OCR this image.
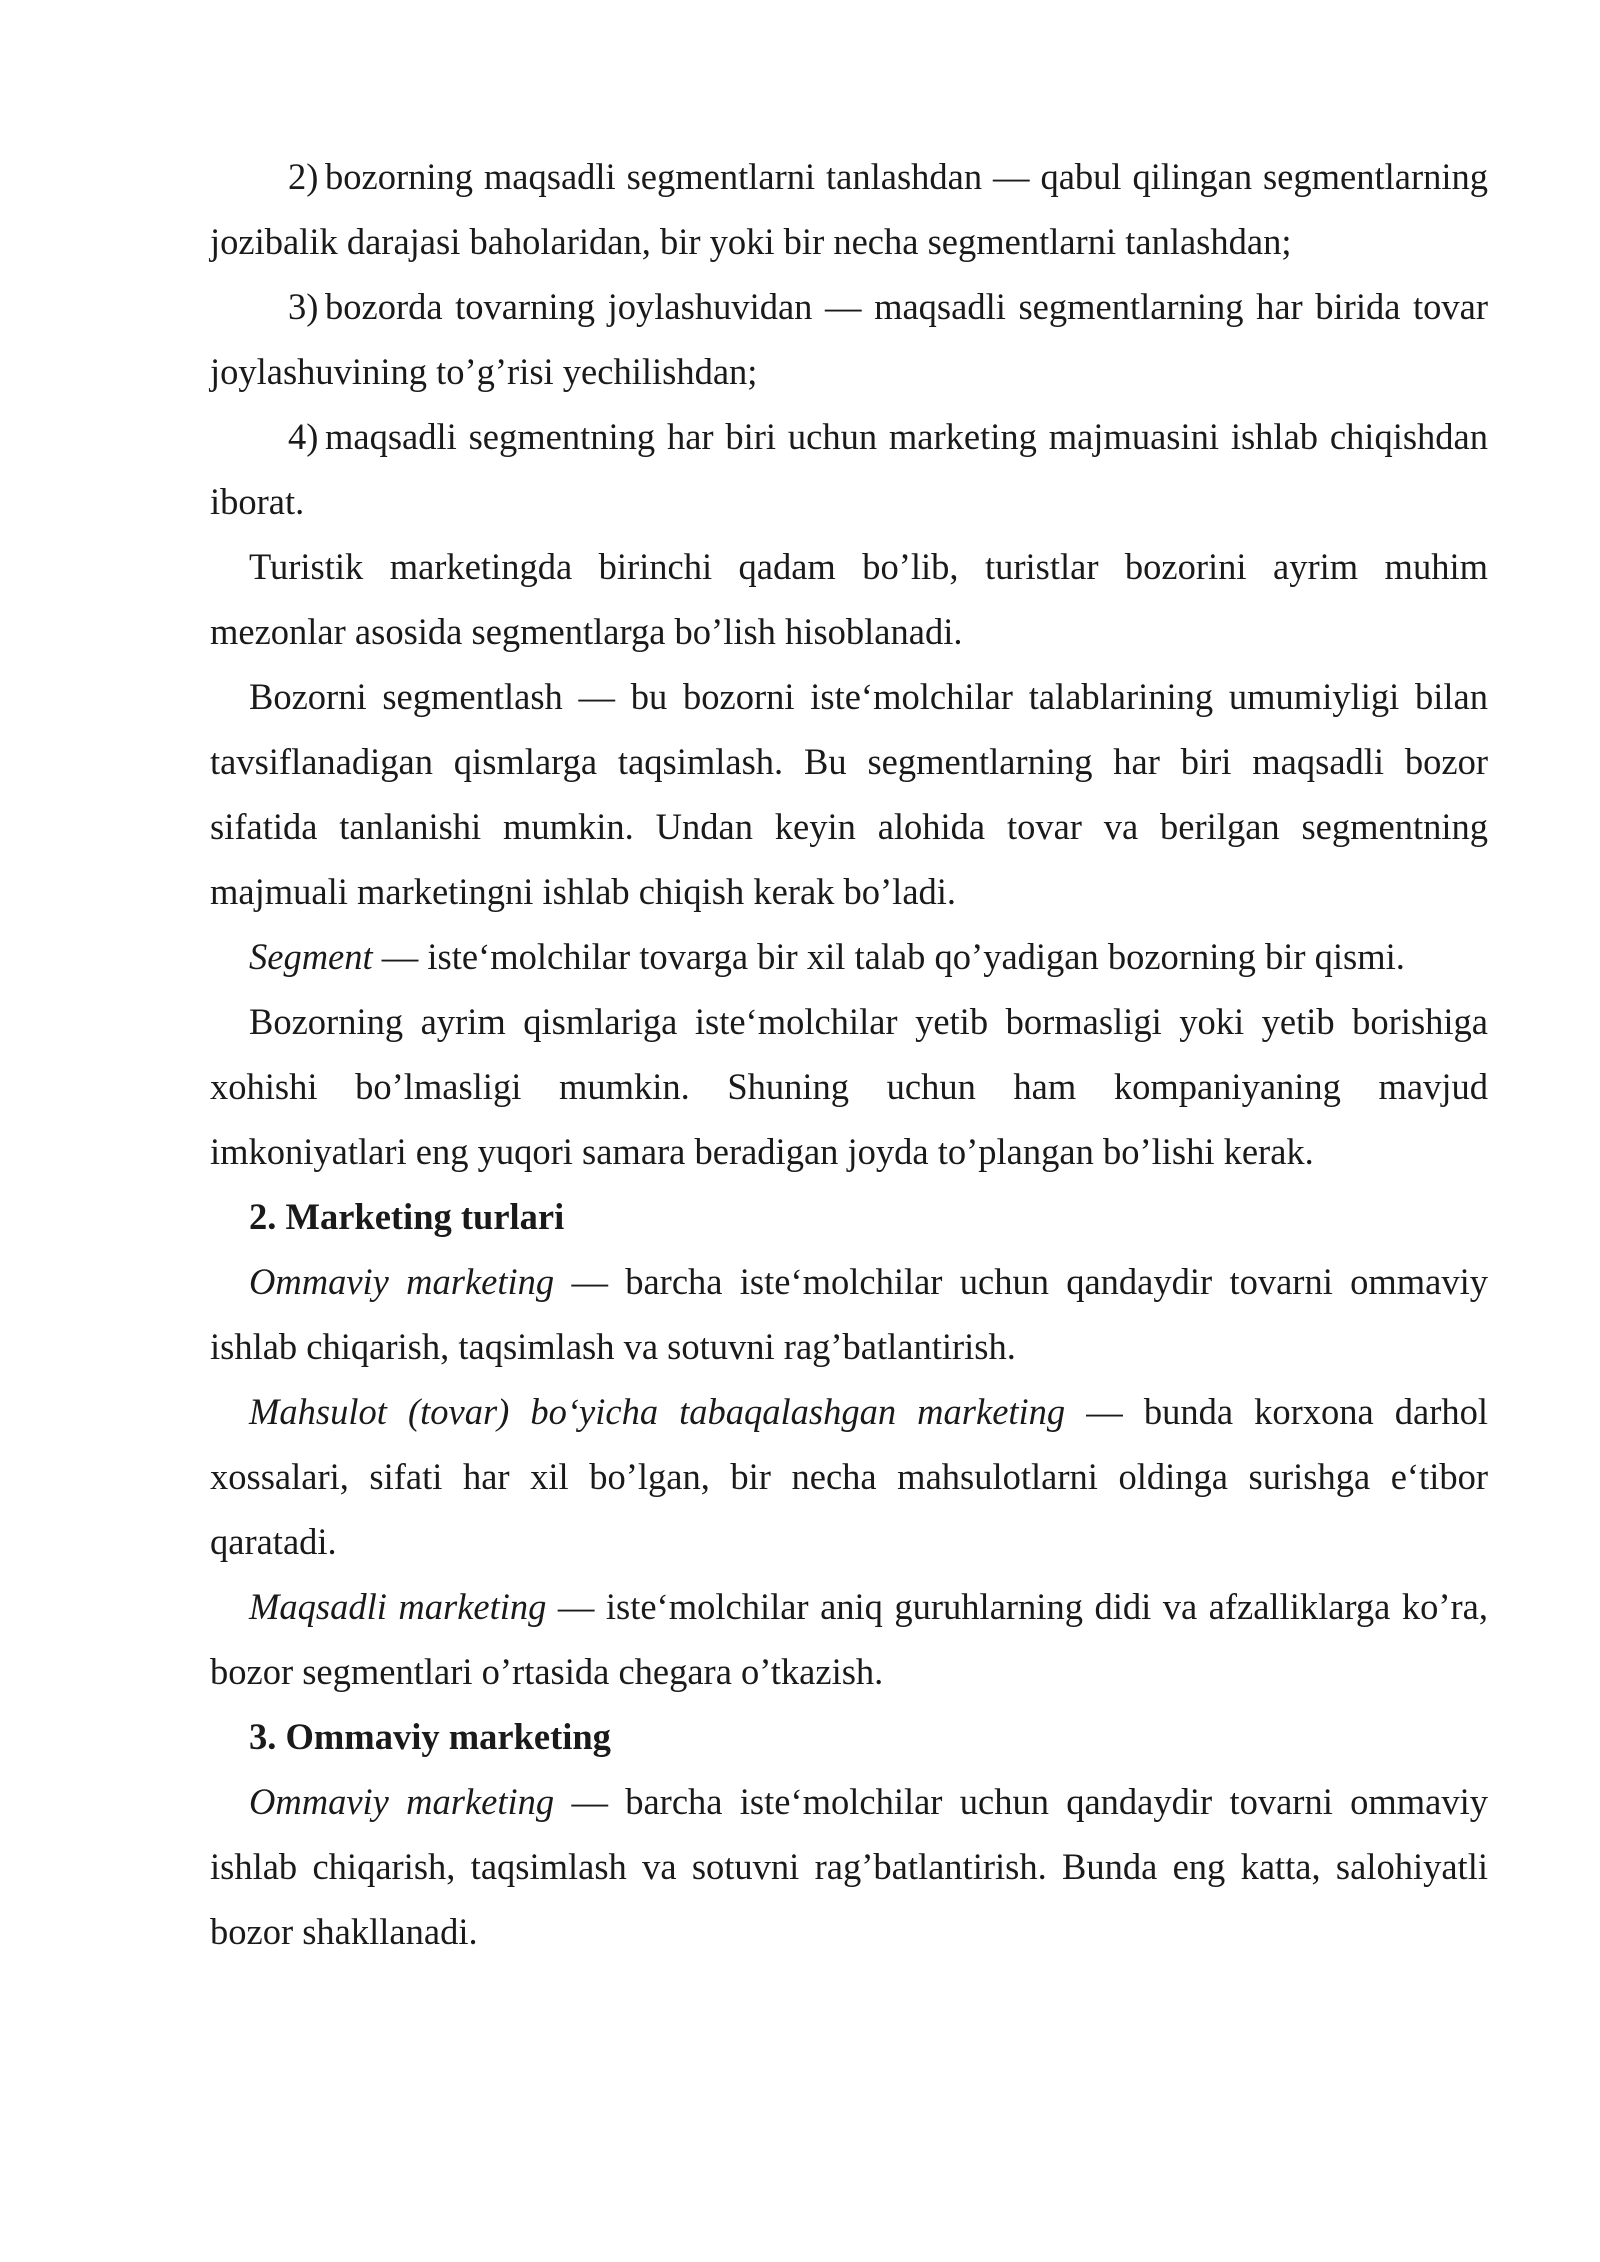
2) bozorning maqsadli segmentlarni tanlashdan — qabul qilingan segmentlarning jozibalik darajasi baholaridan, bir yoki bir necha segmentlarni tanlashdan;

3) bozorda tovarning joylashuvidan — maqsadli segmentlarning har birida tovar joylashuvining to’g’risi yechilishdan;

4) maqsadli segmentning har biri uchun marketing majmuasini ishlab chiqishdan iborat.

Turistik marketingda birinchi qadam bo’lib, turistlar bozorini ayrim muhim mezonlar asosida segmentlarga bo’lish hisoblanadi.

Bozorni segmentlash — bu bozorni iste‘molchilar talablarining umumiyligi bilan tavsiflanadigan qismlarga taqsimlash. Bu segmentlarning har biri maqsadli bozor sifatida tanlanishi mumkin. Undan keyin alohida tovar va berilgan segmentning majmuali marketingni ishlab chiqish kerak bo’ladi.

Segment — iste‘molchilar tovarga bir xil talab qo’yadigan bozorning bir qismi.

Bozorning ayrim qismlariga iste‘molchilar yetib bormasligi yoki yetib borishiga xohishi bo’lmasligi mumkin. Shuning uchun ham kompaniyaning mavjud imkoniyatlari eng yuqori samara beradigan joyda to’plangan bo’lishi kerak.

2. Marketing turlari

Ommaviy marketing — barcha iste‘molchilar uchun qandaydir tovarni ommaviy ishlab chiqarish, taqsimlash va sotuvni rag’batlantirish.

Mahsulot (tovar) bo‘yicha tabaqalashgan marketing — bunda korxona darhol xossalari, sifati har xil bo’lgan, bir necha mahsulotlarni oldinga surishga e‘tibor qaratadi.

Maqsadli marketing — iste‘molchilar aniq guruhlarning didi va afzalliklarga ko’ra, bozor segmentlari o’rtasida chegara o’tkazish.

3. Ommaviy marketing

Ommaviy marketing — barcha iste‘molchilar uchun qandaydir tovarni ommaviy ishlab chiqarish, taqsimlash va sotuvni rag’batlantirish. Bunda eng katta, salohiyatli bozor shakllanadi.
